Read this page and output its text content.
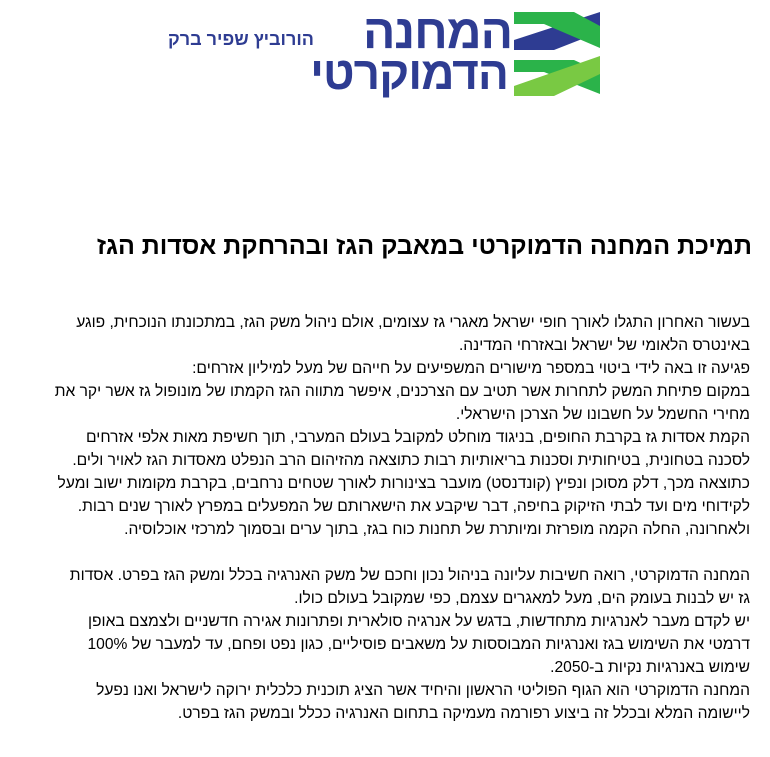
המחנה
הדמוקרטי
הורוביץ שפיר ברק
תמיכת המחנה הדמוקרטי במאבק הגז ובהרחקת אסדות הגז

בעשור האחרון התגלו לאורך חופי ישראל מאגרי גז עצומים, אולם ניהול משק הגז, במתכונתו הנוכחית, פוגע
באינטרס הלאומי של ישראל ובאזרחי המדינה.

פגיעה זו באה לידי ביטוי במספר מישורים המשפיעים על חייהם של מעל למיליון אזרחים:

במקום פתיחת המשק לתחרות אשר תטיב עם הצרכנים, איפשר מתווה הגז הקמתו של מונופול גז אשר יקר את
מחירי החשמל על חשבונו של הצרכן הישראלי.

הקמת אסדות גז בקרבת החופים, בניגוד מוחלט למקובל בעולם המערבי, תוך חשיפת מאות אלפי אזרחים
לסכנה בטחונית, בטיחותית וסכנות בריאותיות רבות כתוצאה מהזיהום הרב הנפלט מאסדות הגז לאויר ולים.

כתוצאה מכך, דלק מסוכן ונפיץ (קונדנסט) מועבר בצינורות לאורך שטחים נרחבים, בקרבת מקומות ישוב ומעל
לקידוחי מים ועד לבתי הזיקוק בחיפה, דבר שיקבע את הישארותם של המפעלים במפרץ לאורך שנים רבות.

ולאחרונה, החלה הקמה מופרזת ומיותרת של תחנות כוח בגז, בתוך ערים ובסמוך למרכזי אוכלוסיה.

המחנה הדמוקרטי, רואה חשיבות עליונה בניהול נכון וחכם של משק האנרגיה בכלל ומשק הגז בפרט. אסדות
גז יש לבנות בעומק הים, מעל למאגרים עצמם, כפי שמקובל בעולם כולו.

יש לקדם מעבר לאנרגיות מתחדשות, בדגש על אנרגיה סולארית ופתרונות אגירה חדשניים ולצמצם באופן
דרמטי את השימוש בגז ואנרגיות המבוססות על משאבים פוסיליים, כגון נפט ופחם, עד למעבר של 100%
שימוש באנרגיות נקיות ב-2050.

המחנה הדמוקרטי הוא הגוף הפוליטי הראשון והיחיד אשר הציג תוכנית כלכלית ירוקה לישראל ואנו נפעל
ליישומה המלא ובכלל זה ביצוע רפורמה מעמיקה בתחום האנרגיה ככלל ובמשק הגז בפרט.
